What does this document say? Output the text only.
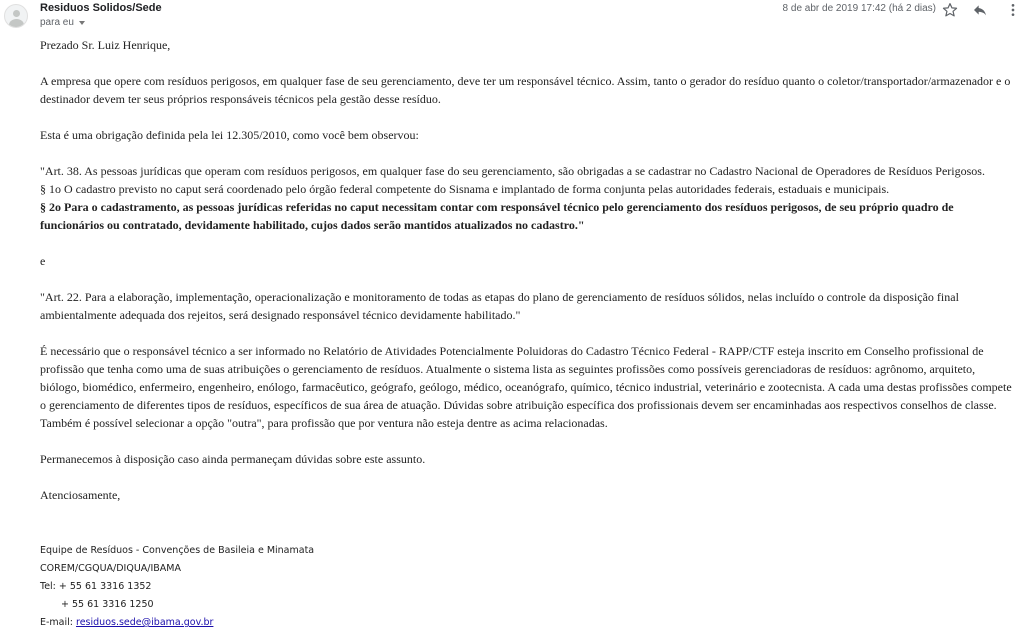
Residuos Solidos/Sede
para eu
8 de abr de 2019 17:42 (há 2 dias)

Prezado Sr. Luiz Henrique,

A empresa que opere com resíduos perigosos, em qualquer fase de seu gerenciamento, deve ter um responsável técnico. Assim, tanto o gerador do resíduo quanto o coletor/transportador/armazenador e o destinador devem ter seus próprios responsáveis técnicos pela gestão desse resíduo.

Esta é uma obrigação definida pela lei 12.305/2010, como você bem observou:

"Art. 38. As pessoas jurídicas que operam com resíduos perigosos, em qualquer fase do seu gerenciamento, são obrigadas a se cadastrar no Cadastro Nacional de Operadores de Resíduos Perigosos.

§ 1o O cadastro previsto no caput será coordenado pelo órgão federal competente do Sisnama e implantado de forma conjunta pelas autoridades federais, estaduais e municipais.

§ 2o Para o cadastramento, as pessoas jurídicas referidas no caput necessitam contar com responsável técnico pelo gerenciamento dos resíduos perigosos, de seu próprio quadro de funcionários ou contratado, devidamente habilitado, cujos dados serão mantidos atualizados no cadastro."

e

"Art. 22. Para a elaboração, implementação, operacionalização e monitoramento de todas as etapas do plano de gerenciamento de resíduos sólidos, nelas incluído o controle da disposição final ambientalmente adequada dos rejeitos, será designado responsável técnico devidamente habilitado."

É necessário que o responsável técnico a ser informado no Relatório de Atividades Potencialmente Poluidoras do Cadastro Técnico Federal - RAPP/CTF esteja inscrito em Conselho profissional de profissão que tenha como uma de suas atribuições o gerenciamento de resíduos. Atualmente o sistema lista as seguintes profissões como possíveis gerenciadoras de resíduos: agrônomo, arquiteto, biólogo, biomédico, enfermeiro, engenheiro, enólogo, farmacêutico, geógrafo, geólogo, médico, oceanógrafo, químico, técnico industrial, veterinário e zootecnista. A cada uma destas profissões compete o gerenciamento de diferentes tipos de resíduos, específicos de sua área de atuação. Dúvidas sobre atribuição específica dos profissionais devem ser encaminhadas aos respectivos conselhos de classe. Também é possível selecionar a opção "outra", para profissão que por ventura não esteja dentre as acima relacionadas.

Permanecemos à disposição caso ainda permaneçam dúvidas sobre este assunto.

Atenciosamente,

Equipe de Resíduos - Convenções de Basileia e Minamata
COREM/CGQUA/DIQUA/IBAMA
Tel: + 55 61 3316 1352
+ 55 61 3316 1250
E-mail: residuos.sede@ibama.gov.br
